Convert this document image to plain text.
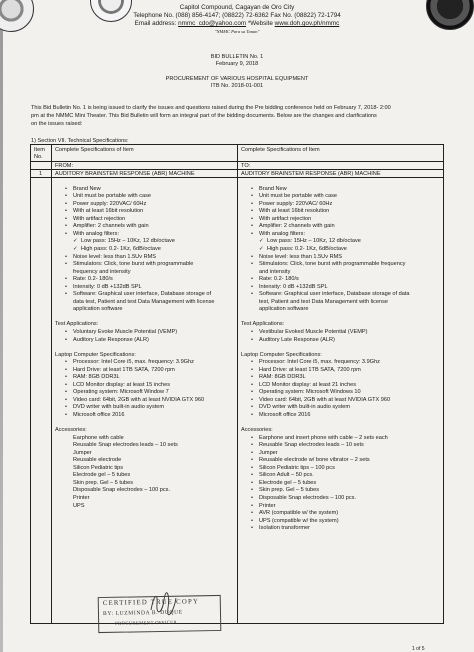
Capitol Compound, Cagayan de Oro City
Telephone No. (088) 856-4147; (08822) 72-6362 Fax No. (08822) 72-1794
Email address: nmmc_cdo@yahoo.com *Website www.doh.gov.ph/nmmc
"NMMC Para sa Tanan"
BID BULLETIN No. 1
February 9, 2018
PROCUREMENT OF VARIOUS HOSPITAL EQUIPMENT
ITB No. 2018-01-001
This Bid Bulletin No. 1 is being issued to clarify the issues and questions raised during the Pre bidding conference held on February 7, 2018- 2:00
pm at the NMMC Mini Theater. This Bid Bulletin will form an integral part of the bidding documents. Below are the changes and clarifications
on the issues raised:
1) Section VII. Technical Specifications:
Item No.
Complete Specifications of Item	Complete Specifications of Item
FROM:	TO:
1 AUDITORY BRAINSTEM RESPONSE (ABR) MACHINE
• Brand New
• Unit must be portable with case
• Power supply: 220VAC/ 60Hz
• With at least 16bit resolution
• With artifact rejection
• Amplifier: 2 channels with gain
• With analog filters:
✓ Low pass: 15Hz – 10Kz, 12 db/octave
✓ High pass: 0.2- 1Kz, 6dB/octave
• Noise level: less than 1.5Uv RMS
• Stimulators: Click, tone burst with programmable
frequency and intensity
• Rate: 0.2- 180/s
• Intensity: 0 dB +132dB SPL
• Software: Graphical user interface, Database storage of
data test, Patient and test Data Management with license
application software
Test Applications:
• Voluntary Evoke Muscle Potential (VEMP)
• Auditory Late Response (ALR)
Laptop Computer Specifications:
• Processor: Intel Core i5, max. frequency: 3.9Ghz
• Hard Drive: at least 1TB SATA, 7200 rpm
• RAM: 8GB DDR3L
• LCD Monitor display: at least 15 inches
• Operating system: Microsoft Window 7
• Video card: 64bit, 2GB with at least NVIDIA GTX 960
• DVD writer with built-in audio system
• Microsoft office 2016
Accessories:
Earphone with cable
Reusable Snap electrodes leads – 10 sets
Jumper
Reusable electrode
Silicon Pediatric tips
Electrode gel – 5 tubes
Skin prep. Gel – 5 tubes
Disposable Snap electrodes – 100 pcs.
Printer
UPS
AUDITORY BRAINSTEM RESPONSE (ABR) MACHINE
• Brand New
• Unit must be portable with case
• Power supply: 220VAC/ 60Hz
• With at least 16bit resolution
• With artifact rejection
• Amplifier: 2 channels with gain
• With analog filters:
✓ Low pass: 15Hz – 10Kz, 12 db/octave
✓ High pass: 0.2- 1Kz, 6dB/octave
• Noise level: less than 1.5Uv RMS
• Stimulators: Click, tone burst with programmable frequency
and intensity
• Rate: 0.2- 180/s
• Intensity: 0 dB +132dB SPL
• Software: Graphical user interface, Database storage of data
test, Patient and test Data Management with license
application software
Test Applications:
• Vestibular Evoked Muscle Potential (VEMP)
• Auditory Late Response (ALR)
Laptop Computer Specifications:
• Processor: Intel Core i5, max. frequency: 3.9Ghz
• Hard Drive: at least 1TB SATA, 7200 rpm
• RAM: 8GB DDR3L
• LCD Monitor display: at least 21 inches
• Operating system: Microsoft Windows 10
• Video card: 64bit, 2GB with at least NVIDIA GTX 960
• DVD writer with built-in audio system
• Microsoft office 2016
Accessories:
• Earphone and insert phone with cable – 2 sets each
• Reusable Snap electrodes leads – 10 sets
• Jumper
• Reusable electrode w/ bone vibrator – 2 sets
• Silicon Pediatric tips – 100 pcs
• Silicon Adult – 50 pcs.
• Electrode gel – 5 tubes
• Skin prep. Gel – 5 tubes
• Disposable Snap electrodes – 100 pcs.
• Printer
• AVR (compatible w/ the system)
• UPS (compatible w/ the system)
• Isolation transformer
CERTIFIED TRUE COPY
BY: LUZMINDA B. DUQUE
PROCUREMENT OFFICER
1 of 5
